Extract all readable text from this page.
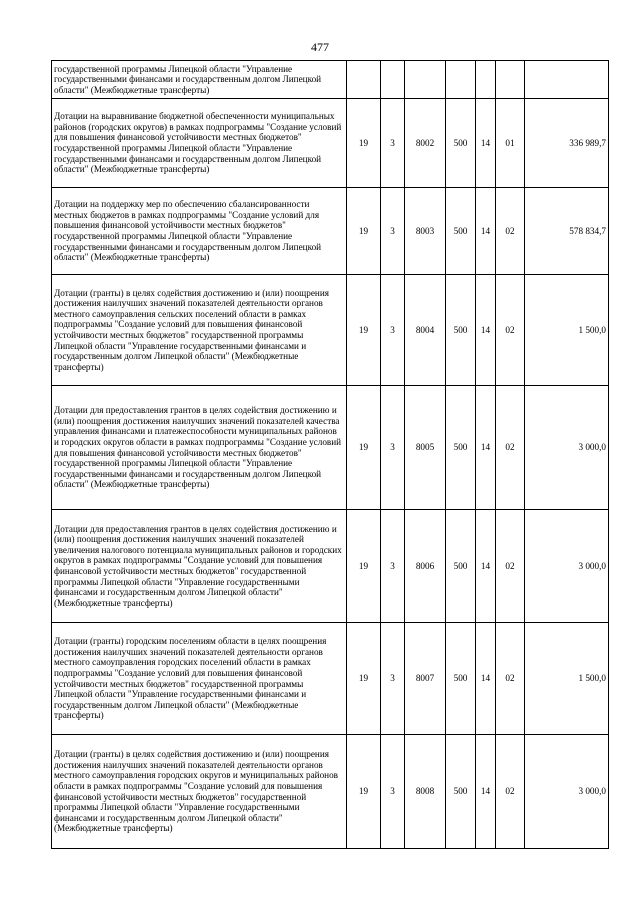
477
государственной программы Липецкой области "Управление государственными финансами и государственным долгом Липецкой области" (Межбюджетные трансферты)							
Дотации на выравнивание бюджетной обеспеченности муниципальных районов (городских округов) в рамках подпрограммы "Создание условий для повышения финансовой устойчивости местных бюджетов" государственной программы Липецкой области "Управление государственными финансами и государственным долгом Липецкой области" (Межбюджетные трансферты)	19	3	8002	500	14	01	336 989,7
Дотации на поддержку мер по обеспечению сбалансированности местных бюджетов в рамках подпрограммы "Создание условий для повышения финансовой устойчивости местных бюджетов" государственной программы Липецкой области "Управление государственными финансами и государственным долгом Липецкой области" (Межбюджетные трансферты)	19	3	8003	500	14	02	578 834,7
Дотации (гранты) в целях содействия достижению и (или) поощрения достижения наилучших значений показателей деятельности органов местного самоуправления сельских поселений области в рамках подпрограммы "Создание условий для повышения финансовой устойчивости местных бюджетов" государственной программы Липецкой области "Управление государственными финансами и государственным долгом Липецкой области" (Межбюджетные трансферты)	19	3	8004	500	14	02	1 500,0
Дотации для предоставления грантов в целях содействия достижению и (или) поощрения достижения наилучших значений показателей качества управления финансами и платежеспособности муниципальных районов и городских округов области в рамках подпрограммы "Создание условий для повышения финансовой устойчивости местных бюджетов" государственной программы Липецкой области "Управление государственными финансами и государственным долгом Липецкой области" (Межбюджетные трансферты)	19	3	8005	500	14	02	3 000,0
Дотации для предоставления грантов в целях содействия достижению и (или) поощрения достижения наилучших значений показателей увеличения налогового потенциала муниципальных районов и городских округов в рамках подпрограммы "Создание условий для повышения финансовой устойчивости местных бюджетов" государственной программы Липецкой области "Управление государственными финансами и государственным долгом Липецкой области" (Межбюджетные трансферты)	19	3	8006	500	14	02	3 000,0
Дотации (гранты) городским поселениям области в целях поощрения достижения наилучших значений показателей деятельности органов местного самоуправления городских поселений области в рамках подпрограммы "Создание условий для повышения финансовой устойчивости местных бюджетов" государственной программы Липецкой области "Управление государственными финансами и государственным долгом Липецкой области" (Межбюджетные трансферты)	19	3	8007	500	14	02	1 500,0
Дотации (гранты) в целях содействия достижению и (или) поощрения достижения наилучших значений показателей деятельности органов местного самоуправления городских округов и муниципальных районов области в рамках подпрограммы "Создание условий для повышения финансовой устойчивости местных бюджетов" государственной программы Липецкой области "Управление государственными финансами и государственным долгом Липецкой области" (Межбюджетные трансферты)	19	3	8008	500	14	02	3 000,0
